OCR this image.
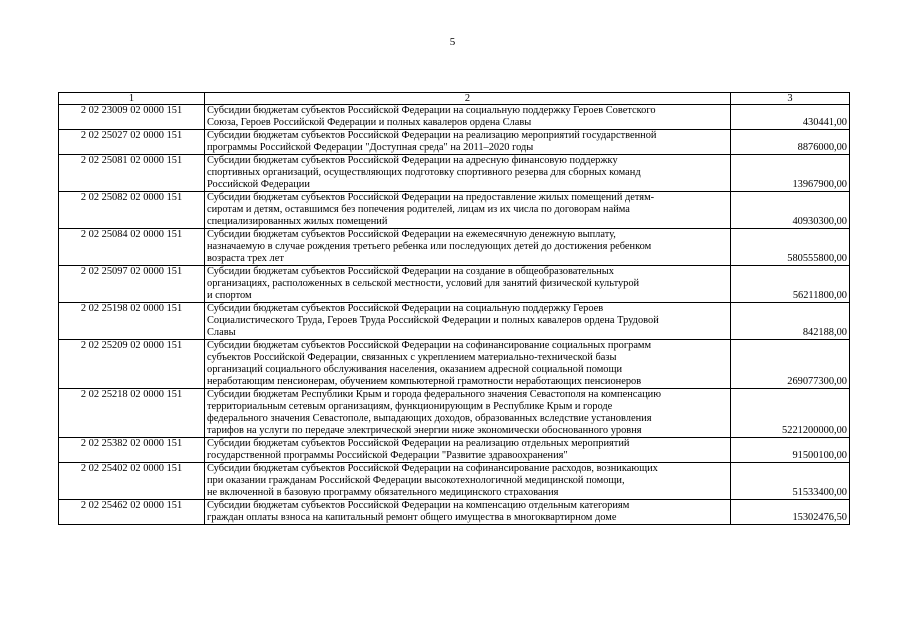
5
1	2	3
2 02 23009 02 0000 151	Субсидии бюджетам субъектов Российской Федерации на социальную поддержку Героев Советского
Союза, Героев Российской Федерации и полных кавалеров ордена Славы	430441,00
2 02 25027 02 0000 151	Субсидии бюджетам субъектов Российской Федерации на реализацию мероприятий государственной
программы Российской Федерации "Доступная среда" на 2011–2020 годы	8876000,00
2 02 25081 02 0000 151	Субсидии бюджетам субъектов Российской Федерации на адресную финансовую поддержку
спортивных организаций, осуществляющих подготовку спортивного резерва для сборных команд
Российской Федерации	13967900,00
2 02 25082 02 0000 151	Субсидии бюджетам субъектов Российской Федерации на предоставление жилых помещений детям-
сиротам и детям, оставшимся без попечения родителей, лицам из их числа по договорам найма
специализированных жилых помещений	40930300,00
2 02 25084 02 0000 151	Субсидии бюджетам субъектов Российской Федерации на ежемесячную денежную выплату,
назначаемую в случае рождения третьего ребенка или последующих детей до достижения ребенком
возраста трех лет	580555800,00
2 02 25097 02 0000 151	Субсидии бюджетам субъектов Российской Федерации на создание в общеобразовательных
организациях, расположенных в сельской местности, условий для занятий физической культурой
и спортом	56211800,00
2 02 25198 02 0000 151	Субсидии бюджетам субъектов Российской Федерации на социальную поддержку Героев
Социалистического Труда, Героев Труда Российской Федерации и полных кавалеров ордена Трудовой
Славы	842188,00
2 02 25209 02 0000 151	Субсидии бюджетам субъектов Российской Федерации на софинансирование социальных программ
субъектов Российской Федерации, связанных с укреплением материально-технической базы
организаций социального обслуживания населения, оказанием адресной социальной помощи
неработающим пенсионерам, обучением компьютерной грамотности неработающих пенсионеров	269077300,00
2 02 25218 02 0000 151	Субсидии бюджетам Республики Крым и города федерального значения Севастополя на компенсацию
территориальным сетевым организациям, функционирующим в Республике Крым и городе
федерального значения Севастополе, выпадающих доходов, образованных вследствие установления
тарифов на услуги по передаче электрической энергии ниже экономически обоснованного уровня	5221200000,00
2 02 25382 02 0000 151	Субсидии бюджетам субъектов Российской Федерации на реализацию отдельных мероприятий
государственной программы Российской Федерации "Развитие здравоохранения"	91500100,00
2 02 25402 02 0000 151	Субсидии бюджетам субъектов Российской Федерации на софинансирование расходов, возникающих
при оказании гражданам Российской Федерации высокотехнологичной медицинской помощи,
не включенной в базовую программу обязательного медицинского страхования	51533400,00
2 02 25462 02 0000 151	Субсидии бюджетам субъектов Российской Федерации на компенсацию отдельным категориям
граждан оплаты взноса на капитальный ремонт общего имущества в многоквартирном доме	15302476,50
